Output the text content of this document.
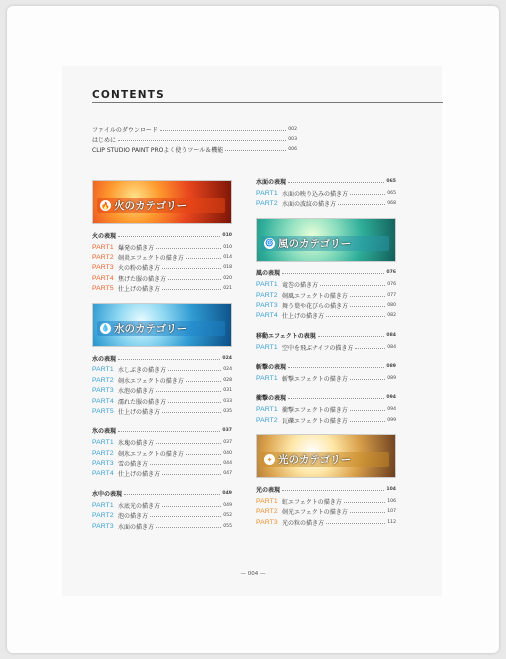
CONTENTS
ファイルのダウンロード	002
はじめに	003
CLIP STUDIO PAINT PROよく使うツール＆機能	006
🔥 火のカテゴリー
火の表現	010
PART1 爆発の描き方	010
PART2 剣炎エフェクトの描き方	014
PART3 火の粉の描き方	018
PART4 焦げた服の描き方	020
PART5 仕上げの描き方	021
💧 水のカテゴリー
水の表現	024
PART1 水しぶきの描き方	024
PART2 剣水エフェクトの描き方	028
PART3 水泡の描き方	031
PART4 濡れた服の描き方	033
PART5 仕上げの描き方	035
氷の表現	037
PART1 氷塊の描き方	037
PART2 剣氷エフェクトの描き方	040
PART3 雪の描き方	044
PART4 仕上げの描き方	047
水中の表現	049
PART1 水底光の描き方	049
PART2 泡の描き方	052
PART3 水面の描き方	055
水面の表現	065
PART1 水面の映り込みの描き方	065
PART2 水面の波紋の描き方	068
🌀 風のカテゴリー
風の表現	076
PART1 竜巻の描き方	076
PART2 剣風エフェクトの描き方	077
PART3 舞う葉や花びらの描き方	080
PART4 仕上げの描き方	082
移動エフェクトの表現	084
PART1 空中を飛ぶナイフの描き方	084
斬撃の表現	089
PART1 斬撃エフェクトの描き方	089
衝撃の表現	094
PART1 衝撃エフェクトの描き方	094
PART2 瓦礫エフェクトの描き方	099
✦ 光のカテゴリー
光の表現	104
PART1 虹エフェクトの描き方	106
PART2 剣光エフェクトの描き方	107
PART3 光の粒の描き方	112
— 004 —
